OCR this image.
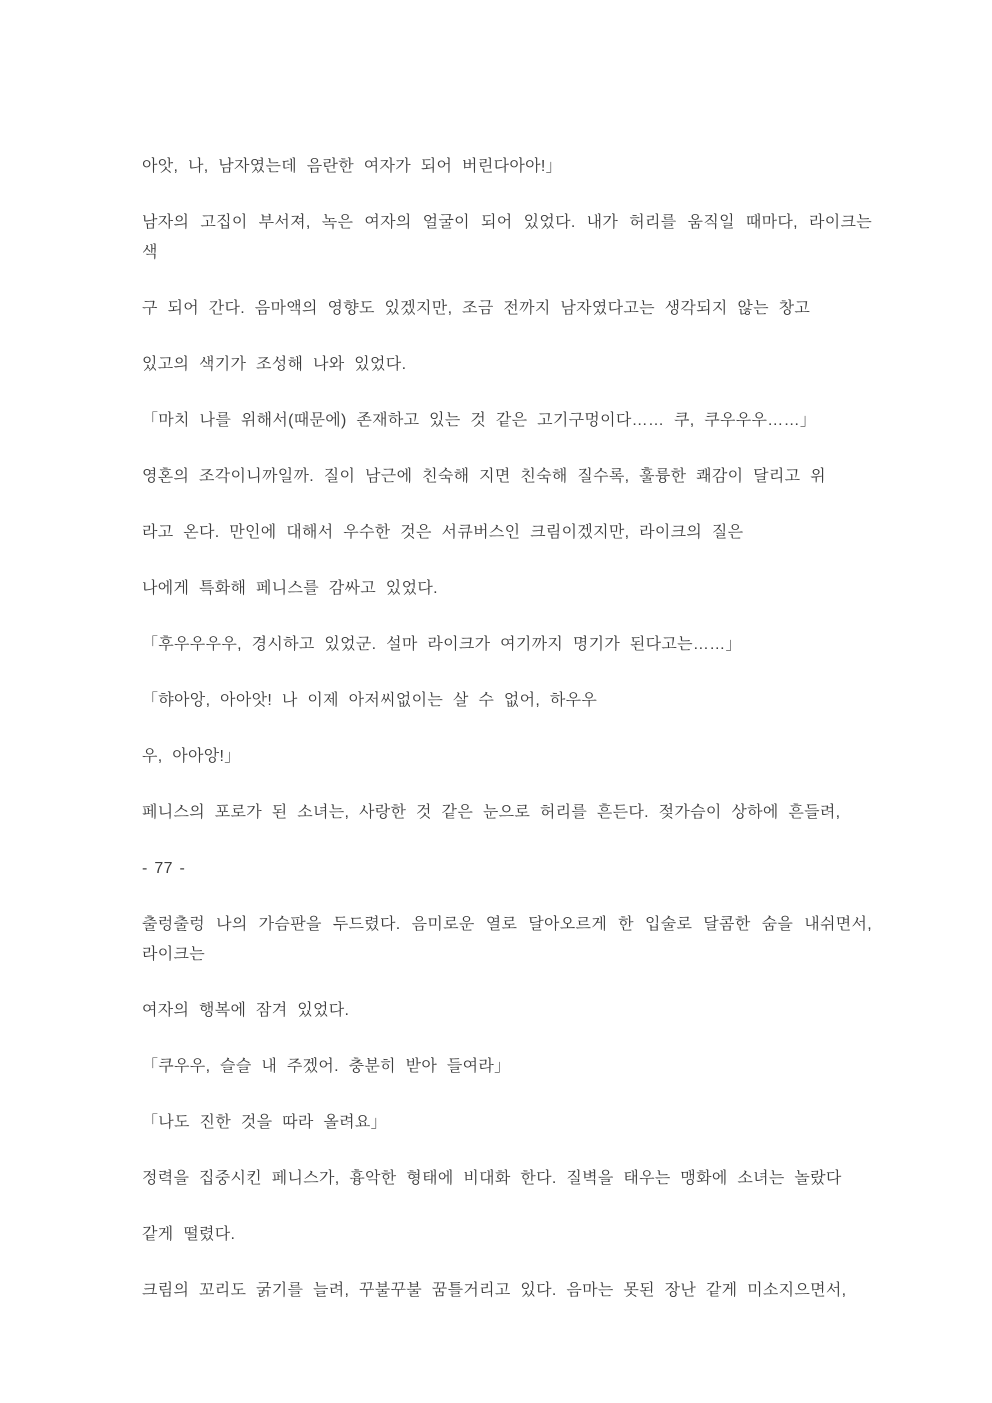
아앗, 나, 남자였는데 음란한 여자가 되어 버린다아아!」

남자의 고집이 부서져, 녹은 여자의 얼굴이 되어 있었다. 내가 허리를 움직일 때마다, 라이크는 색

구 되어 간다. 음마액의 영향도 있겠지만, 조금 전까지 남자였다고는 생각되지 않는 창고

있고의 색기가 조성해 나와 있었다.

「마치 나를 위해서(때문에) 존재하고 있는 것 같은 고기구멍이다…… 쿠, 쿠우우우……」

영혼의 조각이니까일까. 질이 남근에 친숙해 지면 친숙해 질수록, 훌륭한 쾌감이 달리고 위

라고 온다. 만인에 대해서 우수한 것은 서큐버스인 크림이겠지만, 라이크의 질은

나에게 특화해 페니스를 감싸고 있었다.

「후우우우우, 경시하고 있었군. 설마 라이크가 여기까지 명기가 된다고는……」

「햐아앙, 아아앗! 나 이제 아저씨없이는 살 수 없어, 하우우

우, 아아앙!」

페니스의 포로가 된 소녀는, 사랑한 것 같은 눈으로 허리를 흔든다. 젖가슴이 상하에 흔들려,

- 77 -

출렁출렁 나의 가슴판을 두드렸다. 음미로운 열로 달아오르게 한 입술로 달콤한 숨을 내쉬면서, 라이크는

여자의 행복에 잠겨 있었다.

「쿠우우, 슬슬 내 주겠어. 충분히 받아 들여라」

「나도 진한 것을 따라 올려요」

정력을 집중시킨 페니스가, 흉악한 형태에 비대화 한다. 질벽을 태우는 맹화에 소녀는 놀랐다

같게 떨렸다.

크림의 꼬리도 굵기를 늘려, 꾸불꾸불 꿈틀거리고 있다. 음마는 못된 장난 같게 미소지으면서,
